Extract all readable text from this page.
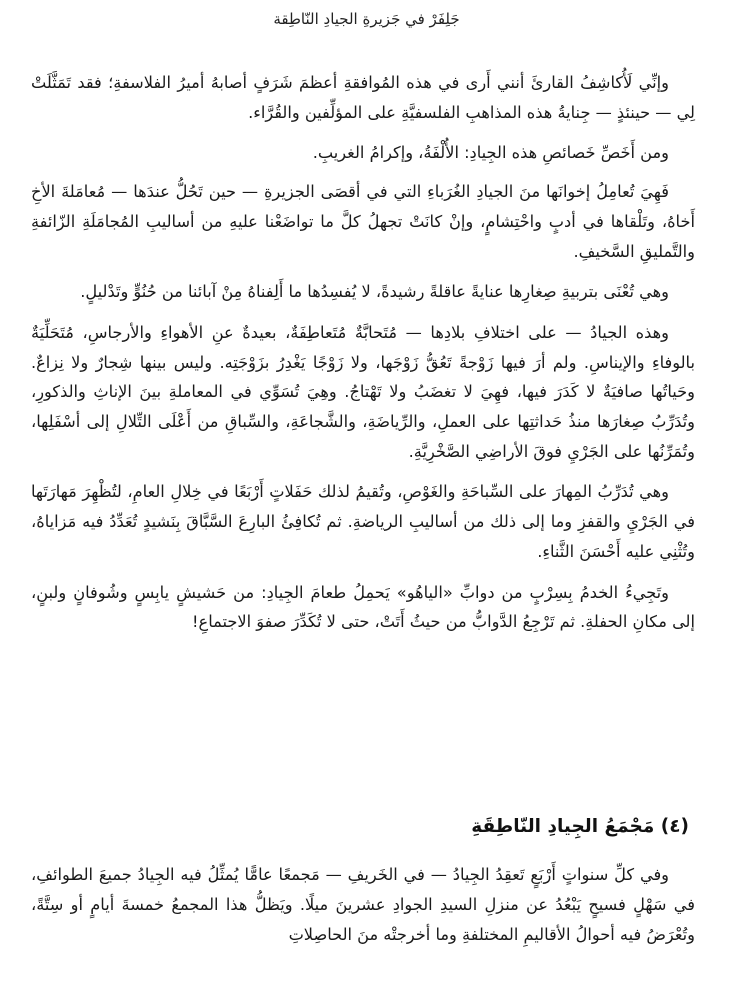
جَلِفَرْ في جَزيرةِ الجيادِ النّاطِقة

وإنِّي لَأُكاشِفُ القارئَ أنني أَرى في هذه المُوافقةِ أعظمَ شَرَفٍ أصابهُ أميرُ الفلاسفةِ؛ فقد تَمَثَّلَتْ لِي — حينئذٍ — جِنايةُ هذه المذاهبِ الفلسفيَّةِ على المؤلِّفين والقُرَّاء.

ومن أَخَصِّ خَصائصِ هذه الجِيادِ: الأُلْفَةُ، وإكرامُ الغريبِ.

فَهِيَ تُعامِلُ إخوانَها منَ الجيادِ الغُرَباءِ التي في أقصَى الجزيرةِ — حين تَحُلُّ عندَها — مُعامَلةَ الأخِ أَخاهُ، وتَلْقاها في أدبٍ واحْتِشامٍ، وإنْ كانَتْ تجهلُ كلَّ ما تواضَعْنا عليهِ من أساليبِ المُجامَلَةِ الزّائفةِ والتَّمليقِ السَّخيفِ.

وهي تُعْنَى بتربيةِ صِغارِها عنايةً عاقلةً رشيدةً، لا يُفسِدُها ما أَلِفناهُ مِنْ آبائنا من حُنُوٍّ وتَدْليلٍ.

وهذه الجيادُ — على اختلافِ بلادِها — مُتَحابَّةٌ مُتَعاطِفَةٌ، بعيدةٌ عنِ الأهواءِ والأرجاسِ، مُتَحَلِّيَةٌ بالوفاءِ والإيناسِ. ولم أرَ فيها زَوْجةً تَعُقُّ زَوْجَها، ولا زَوْجًا يَغْدِرُ بزَوْجَتِه. وليس بينها شِجارٌ ولا نِزاعٌ. وحَياتُها صافيَةٌ لا كَدَرَ فيها، فهِيَ لا تغضَبُ ولا تَهْتاجُ. وهِيَ تُسَوِّي في المعاملةِ بينَ الإناثِ والذكورِ، وتُدَرِّبُ صِغارَها منذُ حَداثتِها على العملِ، والرِّياضَةِ، والشَّجاعَةِ، والسِّباقِ من أَعْلَى التِّلالِ إلى أسْفَلِها، وتُمَرِّنُها على الجَرْيِ فوقَ الأراضِي الصَّخْرِيَّةِ.

وهي تُدَرِّبُ المِهارَ على السِّباحَةِ والغَوْصِ، وتُقيمُ لذلك حَفَلاتٍ أَرْبَعًا في خِلالِ العامِ، لتُظْهِرَ مَهارَتَها في الجَرْيِ والقفزِ وما إلى ذلك من أساليبِ الرياضةِ. ثم تُكافِئُ البارِعَ السَّبَّاقَ بِنَشيدٍ تُعَدِّدُ فيه مَزاياهُ، وتُثْنِي عليه أَحْسَنَ الثَّناءِ.

وتَجِيءُ الخدمُ بِسِرْبٍ من دوابِّ «الياهُو» يَحمِلُ طعامَ الجِيادِ: من حَشيشٍ يابِسٍ وشُوفانٍ ولبنٍ، إلى مكانِ الحفلةِ. ثم تَرْجِعُ الدَّوابُّ من حيثُ أَتَتْ، حتى لا تُكَدِّرَ صفوَ الاجتماعِ!

(٤) مَجْمَعُ الجِيادِ النّاطِقَةِ

وفي كلِّ سنواتٍ أَرْبَعٍ تَعقِدُ الجِيادُ — في الخَريفِ — مَجمعًا عامًّا يُمثِّلُ فيه الجِيادُ جميعَ الطوائفِ، في سَهْلٍ فسيحٍ يَبْعُدُ عن منزلِ السيدِ الجوادِ عشرينَ ميلًا. ويَظلُّ هذا المجمعُ خمسةَ أيامٍ أو سِتَّةً، وتُعْرَضُ فيه أحوالُ الأقاليمِ المختلفةِ وما أخرجتْه منَ الحاصِلاتِ
